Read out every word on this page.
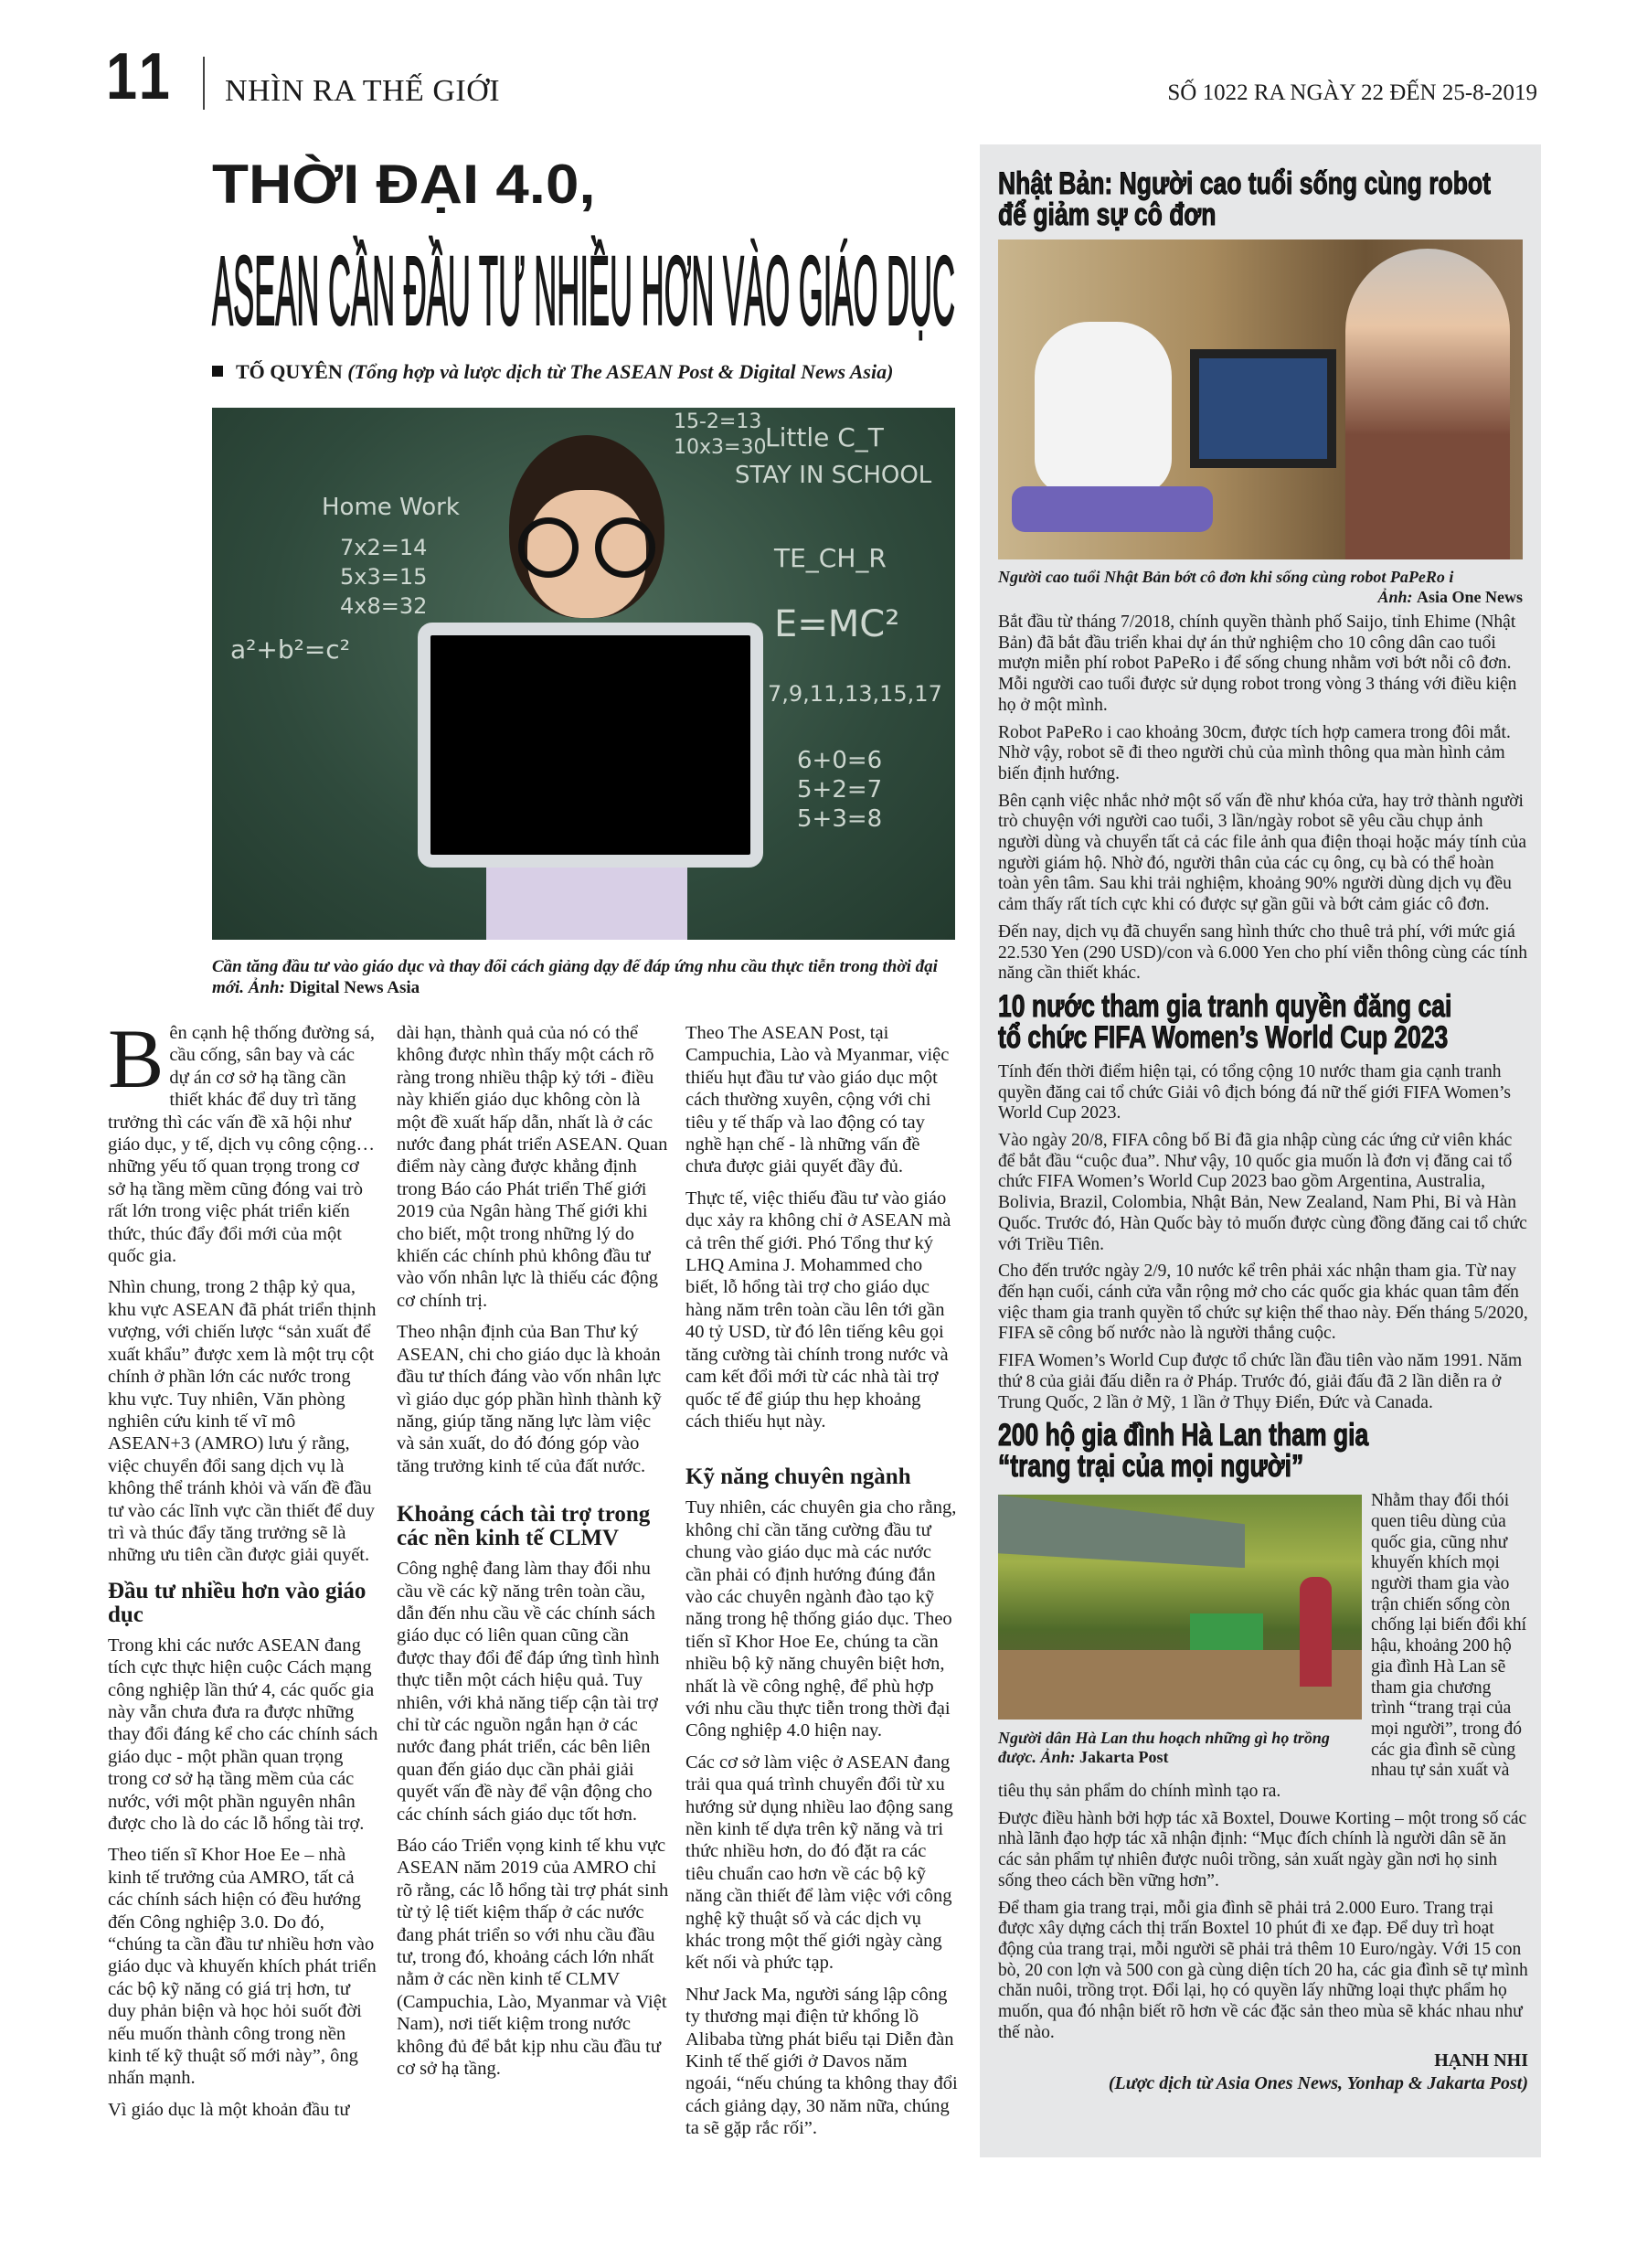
11 NHÌN RA THẾ GIỚI	SỐ 1022 RA NGÀY 22 ĐẾN 25-8-2019
THỜI ĐẠI 4.0,
ASEAN CẦN ĐẦU TƯ NHIỀU HƠN VÀO GIÁO DỤC
TỐ QUYÊN (Tổng hợp và lược dịch từ The ASEAN Post & Digital News Asia)
Little C_T
STAY IN SCHOOL
Home Work
7x2=14
5x3=15
4x8=32
a²+b²=c²
E=MC²
TE_CH_R
7,9,11,13,15,17
6+0=6
5+2=7
5+3=8
15-2=13
10x3=30
Cần tăng đầu tư vào giáo dục và thay đổi cách giảng dạy để đáp ứng nhu cầu thực tiễn trong thời đại mới. Ảnh: Digital News Asia

Bên cạnh hệ thống đường sá, cầu cống, sân bay và các dự án cơ sở hạ tầng cần thiết khác để duy trì tăng trưởng thì các vấn đề xã hội như giáo dục, y tế, dịch vụ công cộng… những yếu tố quan trọng trong cơ sở hạ tầng mềm cũng đóng vai trò rất lớn trong việc phát triển kiến thức, thúc đẩy đổi mới của một quốc gia.

Nhìn chung, trong 2 thập kỷ qua, khu vực ASEAN đã phát triển thịnh vượng, với chiến lược “sản xuất để xuất khẩu” được xem là một trụ cột chính ở phần lớn các nước trong khu vực. Tuy nhiên, Văn phòng nghiên cứu kinh tế vĩ mô ASEAN+3 (AMRO) lưu ý rằng, việc chuyển đổi sang dịch vụ là không thể tránh khỏi và vấn đề đầu tư vào các lĩnh vực cần thiết để duy trì và thúc đẩy tăng trưởng sẽ là những ưu tiên cần được giải quyết.

Đầu tư nhiều hơn vào giáo dục

Trong khi các nước ASEAN đang tích cực thực hiện cuộc Cách mạng công nghiệp lần thứ 4, các quốc gia này vẫn chưa đưa ra được những thay đổi đáng kể cho các chính sách giáo dục - một phần quan trọng trong cơ sở hạ tầng mềm của các nước, với một phần nguyên nhân được cho là do các lỗ hổng tài trợ.

Theo tiến sĩ Khor Hoe Ee – nhà kinh tế trưởng của AMRO, tất cả các chính sách hiện có đều hướng đến Công nghiệp 3.0. Do đó, “chúng ta cần đầu tư nhiều hơn vào giáo dục và khuyến khích phát triển các bộ kỹ năng có giá trị hơn, tư duy phản biện và học hỏi suốt đời nếu muốn thành công trong nền kinh tế kỹ thuật số mới này”, ông nhấn mạnh.

Vì giáo dục là một khoản đầu tư

dài hạn, thành quả của nó có thể không được nhìn thấy một cách rõ ràng trong nhiều thập kỷ tới - điều này khiến giáo dục không còn là một đề xuất hấp dẫn, nhất là ở các nước đang phát triển ASEAN. Quan điểm này càng được khẳng định trong Báo cáo Phát triển Thế giới 2019 của Ngân hàng Thế giới khi cho biết, một trong những lý do khiến các chính phủ không đầu tư vào vốn nhân lực là thiếu các động cơ chính trị.

Theo nhận định của Ban Thư ký ASEAN, chi cho giáo dục là khoản đầu tư thích đáng vào vốn nhân lực vì giáo dục góp phần hình thành kỹ năng, giúp tăng năng lực làm việc và sản xuất, do đó đóng góp vào tăng trưởng kinh tế của đất nước.

Khoảng cách tài trợ trong các nền kinh tế CLMV

Công nghệ đang làm thay đổi nhu cầu về các kỹ năng trên toàn cầu, dẫn đến nhu cầu về các chính sách giáo dục có liên quan cũng cần được thay đổi để đáp ứng tình hình thực tiễn một cách hiệu quả. Tuy nhiên, với khả năng tiếp cận tài trợ chỉ từ các nguồn ngắn hạn ở các nước đang phát triển, các bên liên quan đến giáo dục cần phải giải quyết vấn đề này để vận động cho các chính sách giáo dục tốt hơn.

Báo cáo Triển vọng kinh tế khu vực ASEAN năm 2019 của AMRO chỉ rõ rằng, các lỗ hổng tài trợ phát sinh từ tỷ lệ tiết kiệm thấp ở các nước đang phát triển so với nhu cầu đầu tư, trong đó, khoảng cách lớn nhất nằm ở các nền kinh tế CLMV (Campuchia, Lào, Myanmar và Việt Nam), nơi tiết kiệm trong nước không đủ để bắt kịp nhu cầu đầu tư cơ sở hạ tầng.

Theo The ASEAN Post, tại Campuchia, Lào và Myanmar, việc thiếu hụt đầu tư vào giáo dục một cách thường xuyên, cộng với chi tiêu y tế thấp và lao động có tay nghề hạn chế - là những vấn đề chưa được giải quyết đầy đủ.

Thực tế, việc thiếu đầu tư vào giáo dục xảy ra không chỉ ở ASEAN mà cả trên thế giới. Phó Tổng thư ký LHQ Amina J. Mohammed cho biết, lỗ hổng tài trợ cho giáo dục hàng năm trên toàn cầu lên tới gần 40 tỷ USD, từ đó lên tiếng kêu gọi tăng cường tài chính trong nước và cam kết đổi mới từ các nhà tài trợ quốc tế để giúp thu hẹp khoảng cách thiếu hụt này.

Kỹ năng chuyên ngành

Tuy nhiên, các chuyên gia cho rằng, không chỉ cần tăng cường đầu tư chung vào giáo dục mà các nước cần phải có định hướng đúng đắn vào các chuyên ngành đào tạo kỹ năng trong hệ thống giáo dục. Theo tiến sĩ Khor Hoe Ee, chúng ta cần nhiều bộ kỹ năng chuyên biệt hơn, nhất là về công nghệ, để phù hợp với nhu cầu thực tiễn trong thời đại Công nghiệp 4.0 hiện nay.

Các cơ sở làm việc ở ASEAN đang trải qua quá trình chuyển đổi từ xu hướng sử dụng nhiều lao động sang nền kinh tế dựa trên kỹ năng và tri thức nhiều hơn, do đó đặt ra các tiêu chuẩn cao hơn về các bộ kỹ năng cần thiết để làm việc với công nghệ kỹ thuật số và các dịch vụ khác trong một thế giới ngày càng kết nối và phức tạp.

Như Jack Ma, người sáng lập công ty thương mại điện tử khổng lồ Alibaba từng phát biểu tại Diễn đàn Kinh tế thế giới ở Davos năm ngoái, “nếu chúng ta không thay đổi cách giảng dạy, 30 năm nữa, chúng ta sẽ gặp rắc rối”.

Nhật Bản: Người cao tuổi sống cùng robot
để giảm sự cô đơn
Người cao tuổi Nhật Bản bớt cô đơn khi sống cùng robot PaPeRo i
Ảnh: Asia One News

Bắt đầu từ tháng 7/2018, chính quyền thành phố Saijo, tỉnh Ehime (Nhật Bản) đã bắt đầu triển khai dự án thử nghiệm cho 10 công dân cao tuổi mượn miễn phí robot PaPeRo i để sống chung nhằm vơi bớt nỗi cô đơn. Mỗi người cao tuổi được sử dụng robot trong vòng 3 tháng với điều kiện họ ở một mình.

Robot PaPeRo i cao khoảng 30cm, được tích hợp camera trong đôi mắt. Nhờ vậy, robot sẽ đi theo người chủ của mình thông qua màn hình cảm biến định hướng.

Bên cạnh việc nhắc nhở một số vấn đề như khóa cửa, hay trở thành người trò chuyện với người cao tuổi, 3 lần/ngày robot sẽ yêu cầu chụp ảnh người dùng và chuyển tất cả các file ảnh qua điện thoại hoặc máy tính của người giám hộ. Nhờ đó, người thân của các cụ ông, cụ bà có thể hoàn toàn yên tâm. Sau khi trải nghiệm, khoảng 90% người dùng dịch vụ đều cảm thấy rất tích cực khi có được sự gần gũi và bớt cảm giác cô đơn.

Đến nay, dịch vụ đã chuyển sang hình thức cho thuê trả phí, với mức giá 22.530 Yen (290 USD)/con và 6.000 Yen cho phí viễn thông cùng các tính năng cần thiết khác.

10 nước tham gia tranh quyền đăng cai
tổ chức FIFA Women’s World Cup 2023

Tính đến thời điểm hiện tại, có tổng cộng 10 nước tham gia cạnh tranh quyền đăng cai tổ chức Giải vô địch bóng đá nữ thế giới FIFA Women’s World Cup 2023.

Vào ngày 20/8, FIFA công bố Bỉ đã gia nhập cùng các ứng cử viên khác để bắt đầu “cuộc đua”. Như vậy, 10 quốc gia muốn là đơn vị đăng cai tổ chức FIFA Women’s World Cup 2023 bao gồm Argentina, Australia, Bolivia, Brazil, Colombia, Nhật Bản, New Zealand, Nam Phi, Bỉ và Hàn Quốc. Trước đó, Hàn Quốc bày tỏ muốn được cùng đồng đăng cai tổ chức với Triều Tiên.

Cho đến trước ngày 2/9, 10 nước kể trên phải xác nhận tham gia. Từ nay đến hạn cuối, cánh cửa vẫn rộng mở cho các quốc gia khác quan tâm đến việc tham gia tranh quyền tổ chức sự kiện thể thao này. Đến tháng 5/2020, FIFA sẽ công bố nước nào là người thắng cuộc.

FIFA Women’s World Cup được tổ chức lần đầu tiên vào năm 1991. Năm thứ 8 của giải đấu diễn ra ở Pháp. Trước đó, giải đấu đã 2 lần diễn ra ở Trung Quốc, 2 lần ở Mỹ, 1 lần ở Thụy Điển, Đức và Canada.

200 hộ gia đình Hà Lan tham gia
“trang trại của mọi người”
Người dân Hà Lan thu hoạch những gì họ trồng được. Ảnh: Jakarta Post

Nhằm thay đổi thói quen tiêu dùng của quốc gia, cũng như khuyến khích mọi người tham gia vào trận chiến sống còn chống lại biến đổi khí hậu, khoảng 200 hộ gia đình Hà Lan sẽ tham gia chương trình “trang trại của mọi người”, trong đó các gia đình sẽ cùng nhau tự sản xuất và tiêu thụ sản phẩm do chính mình tạo ra.

Được điều hành bởi hợp tác xã Boxtel, Douwe Korting – một trong số các nhà lãnh đạo hợp tác xã nhận định: “Mục đích chính là người dân sẽ ăn các sản phẩm tự nhiên được nuôi trồng, sản xuất ngày gần nơi họ sinh sống theo cách bền vững hơn”.

Để tham gia trang trại, mỗi gia đình sẽ phải trả 2.000 Euro. Trang trại được xây dựng cách thị trấn Boxtel 10 phút đi xe đạp. Để duy trì hoạt động của trang trại, mỗi người sẽ phải trả thêm 10 Euro/ngày. Với 15 con bò, 20 con lợn và 500 con gà cùng diện tích 20 ha, các gia đình sẽ tự mình chăn nuôi, trồng trọt. Đổi lại, họ có quyền lấy những loại thực phẩm họ muốn, qua đó nhận biết rõ hơn về các đặc sản theo mùa sẽ khác nhau như thế nào.

HẠNH NHI
(Lược dịch từ Asia Ones News, Yonhap & Jakarta Post)
